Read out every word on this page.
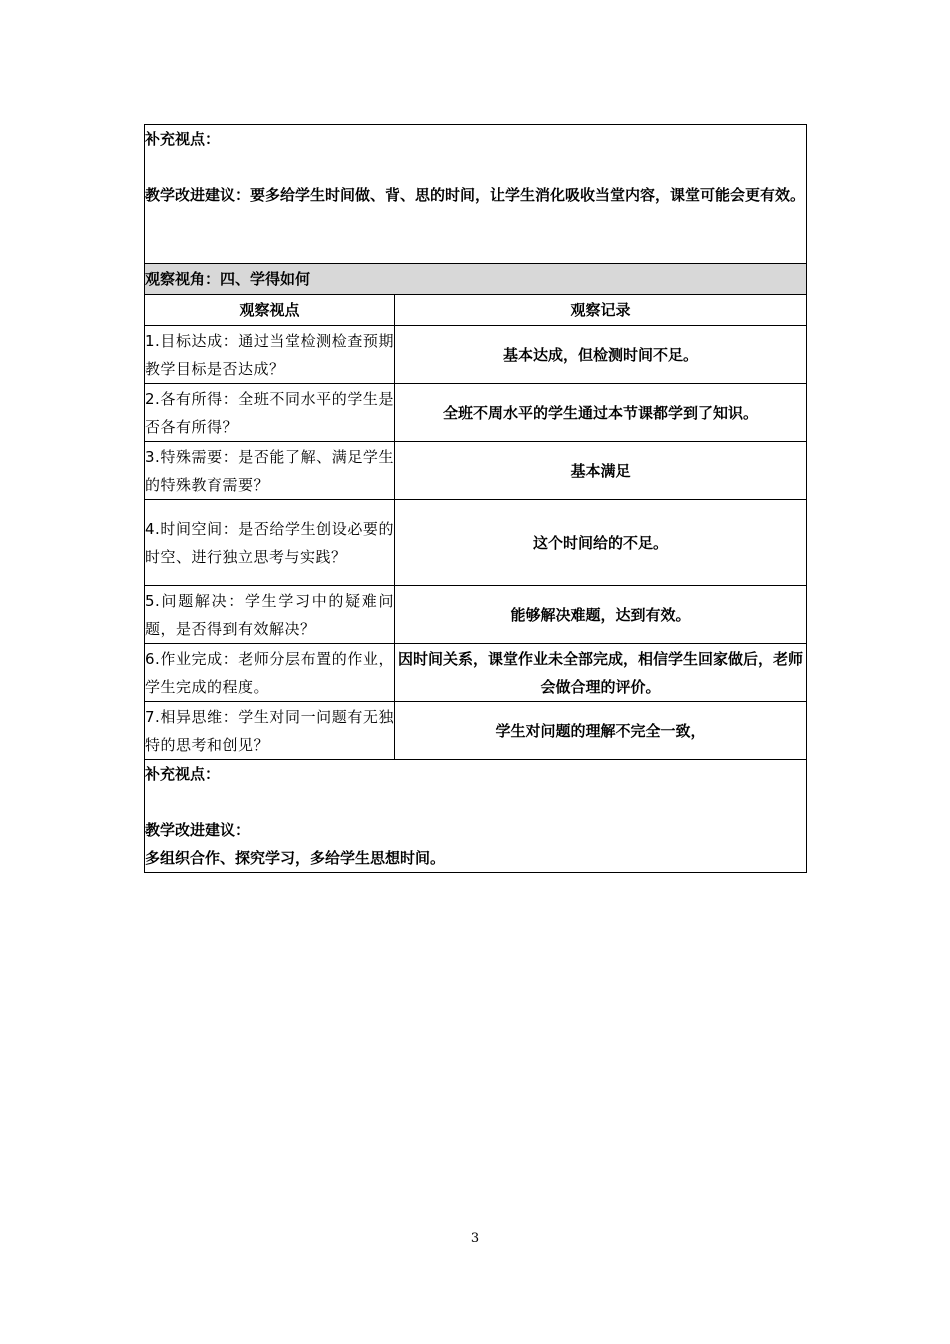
补充视点：
教学改进建议：要多给学生时间做、背、思的时间，让学生消化吸收当堂内容，课堂可能会更有效。	

观察视角：四、学得如何	
观察视点	观察记录
1.目标达成：通过当堂检测检查预期教学目标是否达成？	基本达成，但检测时间不足。
2.各有所得：全班不同水平的学生是否各有所得？	全班不周水平的学生通过本节课都学到了知识。
3.特殊需要：是否能了解、满足学生的特殊教育需要？	基本满足
4.时间空间：是否给学生创设必要的时空、进行独立思考与实践？	这个时间给的不足。
5.问题解决：学生学习中的疑难问题，是否得到有效解决？	能够解决难题，达到有效。
6.作业完成：老师分层布置的作业，学生完成的程度。	因时间关系，课堂作业未全部完成，相信学生回家做后，老师会做合理的评价。
7.相异思维：学生对同一问题有无独特的思考和创见？	学生对问题的理解不完全一致，

补充视点：
教学改进建议：
多组织合作、探究学习，多给学生思想时间。	
3
